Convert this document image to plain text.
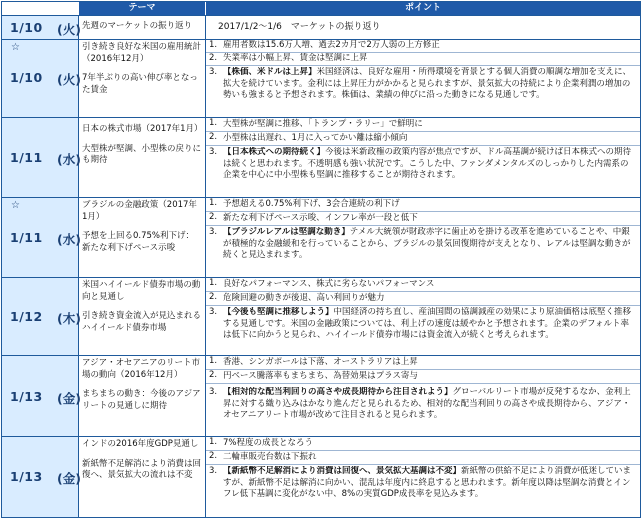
テーマ	ポイント
1/10 (火) 先週のマーケットの振り返り	2017/1/2～1/6　マーケットの振り返り
☆
1/10 (火)
引き続き良好な米国の雇用統計（2016年12月）
7年半ぶりの高い伸び率となった賃金
1. 雇用者数は15.6万人増、過去2カ月で2万人弱の上方修正
2. 失業率は小幅上昇、賃金は堅調に上昇
3. 【株価、米ドルは上昇】米国経済は、良好な雇用・所得環境を背景とする個人消費の順調な増加を支えに、拡大を続けています。金利には上昇圧力がかかると見られますが、景気拡大の持続により企業利潤の増加の勢いも強まると予想されます。株価は、業績の伸びに沿った動きになる見通しです。
1/11 (水)
日本の株式市場（2017年1月）
大型株が堅調、小型株の戻りにも期待
1. 大型株が堅調に推移、「トランプ・ラリー」で鮮明に
2. 小型株は出遅れ、1月に入ってかい離は縮小傾向
3. 【日本株式への期待続く】今後は米新政権の政策内容が焦点ですが、ドル高基調が続けば日本株式への期待は続くと思われます。不透明感も強い状況です。こうした中、ファンダメンタルズのしっかりした内需系の企業を中心に中小型株も堅調に推移することが期待されます。
☆
1/11 (水)
ブラジルの金融政策（2017年1月）
予想を上回る0.75%利下げ：新たな利下げペース示唆
1. 予想超える0.75%利下げ、3会合連続の利下げ
2. 新たな利下げペース示唆、インフレ率が一段と低下
3. 【ブラジルレアルは堅調な動き】テメル大統領が財政赤字に歯止めを掛ける改革を進めていることや、中銀が積極的な金融緩和を行っていることから、ブラジルの景気回復期待が支えとなり、レアルは堅調な動きが続くと見込まれます。
1/12 (木)
米国ハイイールド債券市場の動向と見通し
引き続き資金流入が見込まれるハイイールド債券市場
1. 良好なパフォーマンス、株式に劣らないパフォーマンス
2. 危険回避の動きが後退、高い利回りが魅力
3. 【今後も堅調に推移しよう】中国経済の持ち直し、産油国間の協調減産の効果により原油価格は底堅く推移する見通しです。米国の金融政策については、利上げの速度は緩やかと予想されます。企業のデフォルト率は低下に向かうと見られ、ハイイールド債券市場には資金流入が続くと考えられます。
1/13 (金)
アジア・オセアニアのリート市場の動向（2016年12月）
まちまちの動き：今後のアジアリートの見通しに期待
1. 香港、シンガポールは下落、オーストラリアは上昇
2. 円ベース騰落率もまちまち、為替効果はプラス寄与
3. 【相対的な配当利回りの高さや成長期待から注目されよう】グローバルリート市場が反発するなか、金利上昇に対する織り込みはかなり進んだと見られるため、相対的な配当利回りの高さや成長期待から、アジア・オセアニアリート市場が改めて注目されると見られます。
1/13 (金)
インドの2016年度GDP見通し
新紙幣不足解消により消費は回復へ、景気拡大の流れは不変
1. 7%程度の成長となろう
2. 二輪車販売台数は下振れ
3. 【新紙幣不足解消により消費は回復へ、景気拡大基調は不変】新紙幣の供給不足により消費が低迷していますが、新紙幣不足は解消に向かい、混乱は年度内に終息すると思われます。新年度以降は堅調な消費とインフレ低下基調に変化がない中、8%の実質GDP成長率を見込みます。
